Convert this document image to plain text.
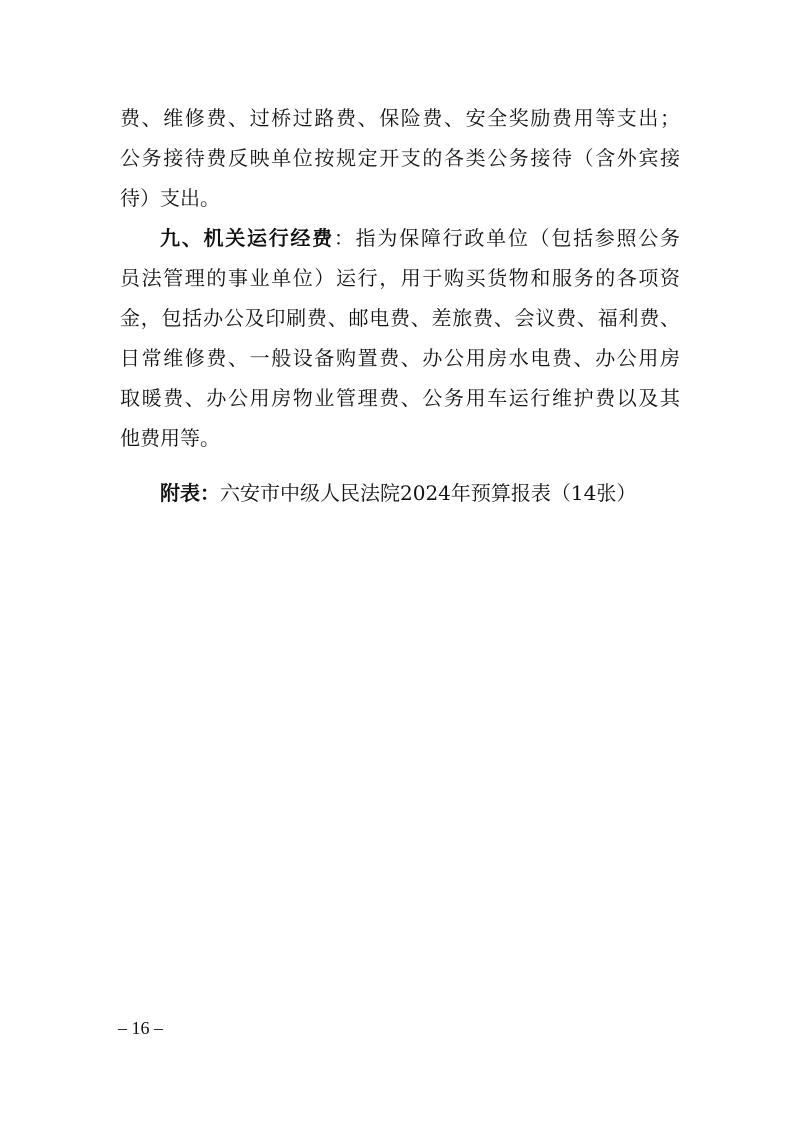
费、维修费、过桥过路费、保险费、安全奖励费用等支出；
公务接待费反映单位按规定开支的各类公务接待（含外宾接
待）支出。
九、机关运行经费：指为保障行政单位（包括参照公务
员法管理的事业单位）运行，用于购买货物和服务的各项资
金，包括办公及印刷费、邮电费、差旅费、会议费、福利费、
日常维修费、一般设备购置费、办公用房水电费、办公用房
取暖费、办公用房物业管理费、公务用车运行维护费以及其
他费用等。
附表：六安市中级人民法院2024年预算报表（14张）
– 16 –
